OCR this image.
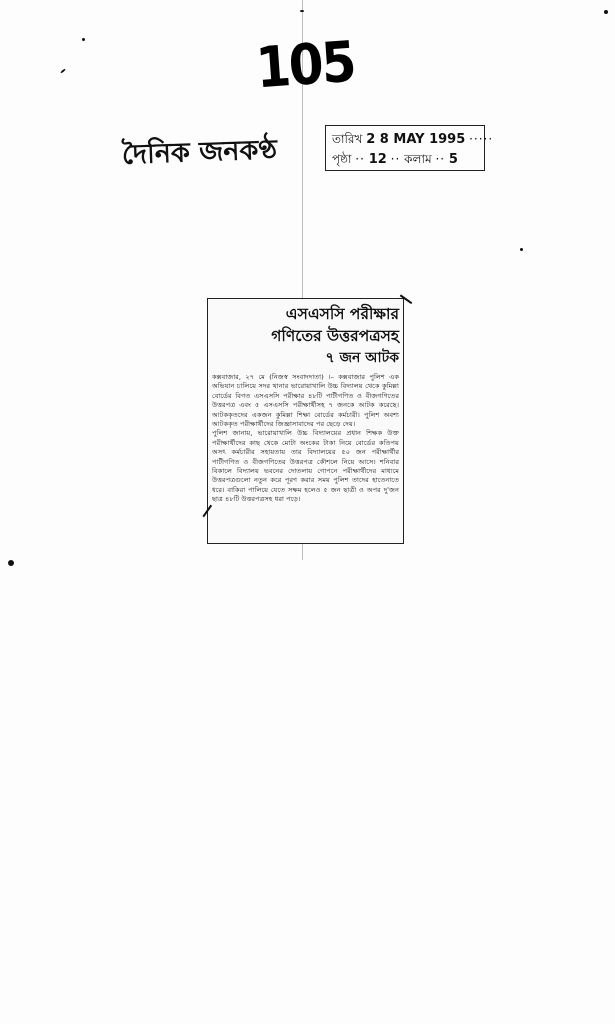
105
দৈনিক জনকণ্ঠ	তারিখ 2 8 MAY 1995 ·····
পৃষ্ঠা ·· 12 ·· কলাম ·· 5
এসএসসি পরীক্ষার
গণিতের উত্তরপত্রসহ
৭ জন আটক

কক্সবাজার, ২৭ মে (নিজস্ব সংবাদদাতা) ।– কক্সবাজার পুলিশ এক অভিযান চালিয়ে সদর থানার ভারোয়াখালি উচ্চ বিদ্যালয় থেকে কুমিল্লা বোর্ডের বিগত এসএসসি পরীক্ষার ৪৮টি পাটীগণিত ও বীজগণিতের উত্তরপত্র এবং ৫ এসএসসি পরীক্ষার্থীসহ ৭ জনকে আটক করেছে। আটককৃতদের একজন কুমিল্লা শিক্ষা বোর্ডের কর্মচারী। পুলিশ অবশ্য আটককৃত পরীক্ষার্থীদের জিজ্ঞাসাবাদের পর ছেড়ে দেয়।

পুলিশ জানায়, ভারোয়াখালি উচ্চ বিদ্যালয়ের প্রধান শিক্ষক উক্ত পরীক্ষার্থীদের কাছ থেকে মোটা অংকের টাকা নিয়ে বোর্ডের কতিপয় অসৎ কর্মচারীর সহায়তায় তার বিদ্যালয়ের ৫০ জন পরীক্ষার্থীর পাটীগণিত ও বীজগণিতের উত্তরপত্র কৌশলে নিয়ে আসে। শনিবার বিকালে বিদ্যালয় ভবনের দোতলায় গোপনে পরীক্ষার্থীদের মাধ্যমে উত্তরপত্রগুলো নতুন করে পূরণ করার সময় পুলিশ তাদের হাতেনাতে ধরে। বাকিরা পালিয়ে যেতে সক্ষম হলেও ৫ জন ছাত্রী ও অপর দু'জন ছাত্র ৪৮টি উত্তরপত্রসহ ধরা পড়ে।
